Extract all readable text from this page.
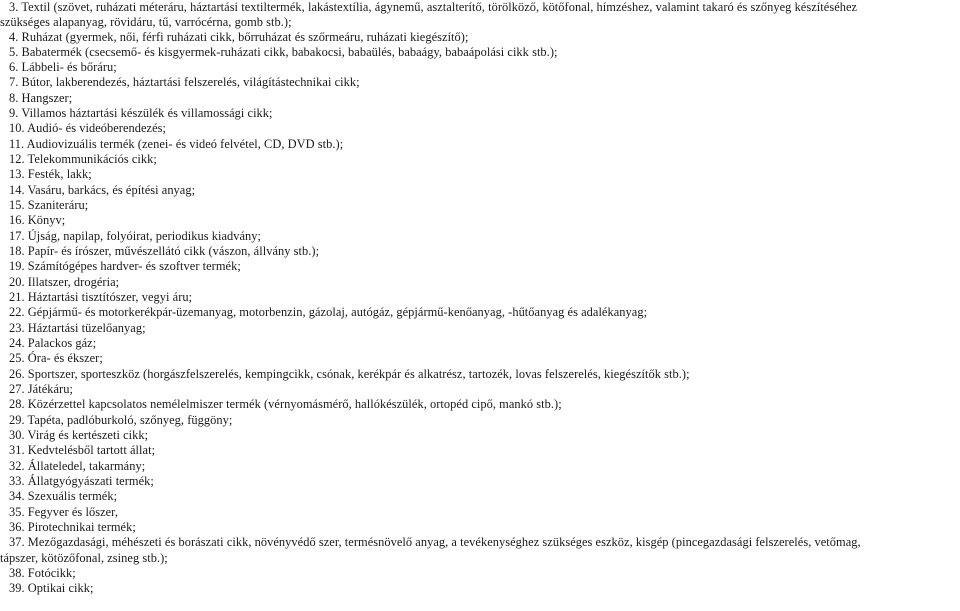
3. Textil (szövet, ruházati méteráru, háztartási textiltermék, lakástextília, ágynemű, asztalterítő, törölköző, kötőfonal, hímzéshez, valamint takaró és szőnyeg készítéséhez
szükséges alapanyag, rövidáru, tű, varrócérna, gomb stb.);
4. Ruházat (gyermek, női, férfi ruházati cikk, bőrruházat és szőrmeáru, ruházati kiegészítő);
5. Babatermék (csecsemő- és kisgyermek-ruházati cikk, babakocsi, babaülés, babaágy, babaápolási cikk stb.);
6. Lábbeli- és bőráru;
7. Bútor, lakberendezés, háztartási felszerelés, világítástechnikai cikk;
8. Hangszer;
9. Villamos háztartási készülék és villamossági cikk;
10. Audió- és videóberendezés;
11. Audiovizuális termék (zenei- és videó felvétel, CD, DVD stb.);
12. Telekommunikációs cikk;
13. Festék, lakk;
14. Vasáru, barkács, és építési anyag;
15. Szaniteráru;
16. Könyv;
17. Újság, napilap, folyóirat, periodikus kiadvány;
18. Papír- és írószer, művészellátó cikk (vászon, állvány stb.);
19. Számítógépes hardver- és szoftver termék;
20. Illatszer, drogéria;
21. Háztartási tisztítószer, vegyi áru;
22. Gépjármű- és motorkerékpár-üzemanyag, motorbenzin, gázolaj, autógáz, gépjármű-kenőanyag, -hűtőanyag és adalékanyag;
23. Háztartási tüzelőanyag;
24. Palackos gáz;
25. Óra- és ékszer;
26. Sportszer, sporteszköz (horgászfelszerelés, kempingcikk, csónak, kerékpár és alkatrész, tartozék, lovas felszerelés, kiegészítők stb.);
27. Játékáru;
28. Közérzettel kapcsolatos nemélelmiszer termék (vérnyomásmérő, hallókészülék, ortopéd cipő, mankó stb.);
29. Tapéta, padlóburkoló, szőnyeg, függöny;
30. Virág és kertészeti cikk;
31. Kedvtelésből tartott állat;
32. Állateledel, takarmány;
33. Állatgyógyászati termék;
34. Szexuális termék;
35. Fegyver és lőszer,
36. Pirotechnikai termék;
37. Mezőgazdasági, méhészeti és borászati cikk, növényvédő szer, termésnövelő anyag, a tevékenységhez szükséges eszköz, kisgép (pincegazdasági felszerelés, vetőmag,
tápszer, kötözőfonal, zsineg stb.);
38. Fotócikk;
39. Optikai cikk;
